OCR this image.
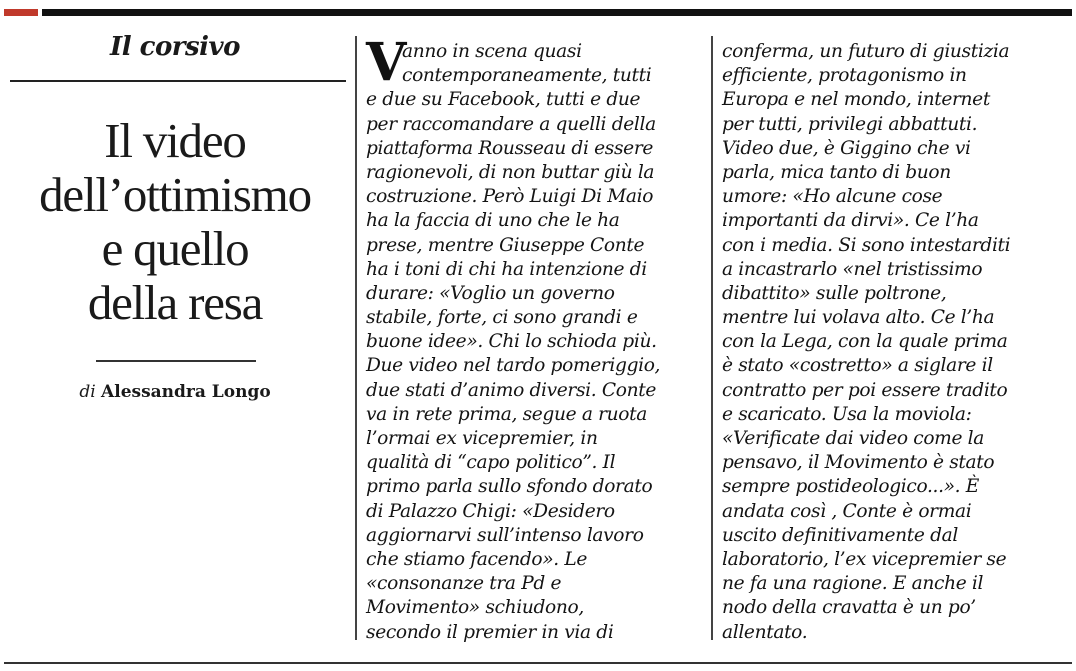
Il corsivo
Il video
dell’ottimismo
e quello
della resa
di Alessandra Longo
V
anno in scena quasi
contemporaneamente, tutti
e due su Facebook, tutti e due
per raccomandare a quelli della
piattaforma Rousseau di essere
ragionevoli, di non buttar giù la
costruzione. Però Luigi Di Maio
ha la faccia di uno che le ha
prese, mentre Giuseppe Conte
ha i toni di chi ha intenzione di
durare: «Voglio un governo
stabile, forte, ci sono grandi e
buone idee». Chi lo schioda più.
Due video nel tardo pomeriggio,
due stati d’animo diversi. Conte
va in rete prima, segue a ruota
l’ormai ex vicepremier, in
qualità di “capo politico”. Il
primo parla sullo sfondo dorato
di Palazzo Chigi: «Desidero
aggiornarvi sull’intenso lavoro
che stiamo facendo». Le
«consonanze tra Pd e
Movimento» schiudono,
secondo il premier in via di
conferma, un futuro di giustizia
efficiente, protagonismo in
Europa e nel mondo, internet
per tutti, privilegi abbattuti.
Video due, è Giggino che vi
parla, mica tanto di buon
umore: «Ho alcune cose
importanti da dirvi». Ce l’ha
con i media. Si sono intestarditi
a incastrarlo «nel tristissimo
dibattito» sulle poltrone,
mentre lui volava alto. Ce l’ha
con la Lega, con la quale prima
è stato «costretto» a siglare il
contratto per poi essere tradito
e scaricato. Usa la moviola:
«Verificate dai video come la
pensavo, il Movimento è stato
sempre postideologico...». È
andata così , Conte è ormai
uscito definitivamente dal
laboratorio, l’ex vicepremier se
ne fa una ragione. E anche il
nodo della cravatta è un po’
allentato.
